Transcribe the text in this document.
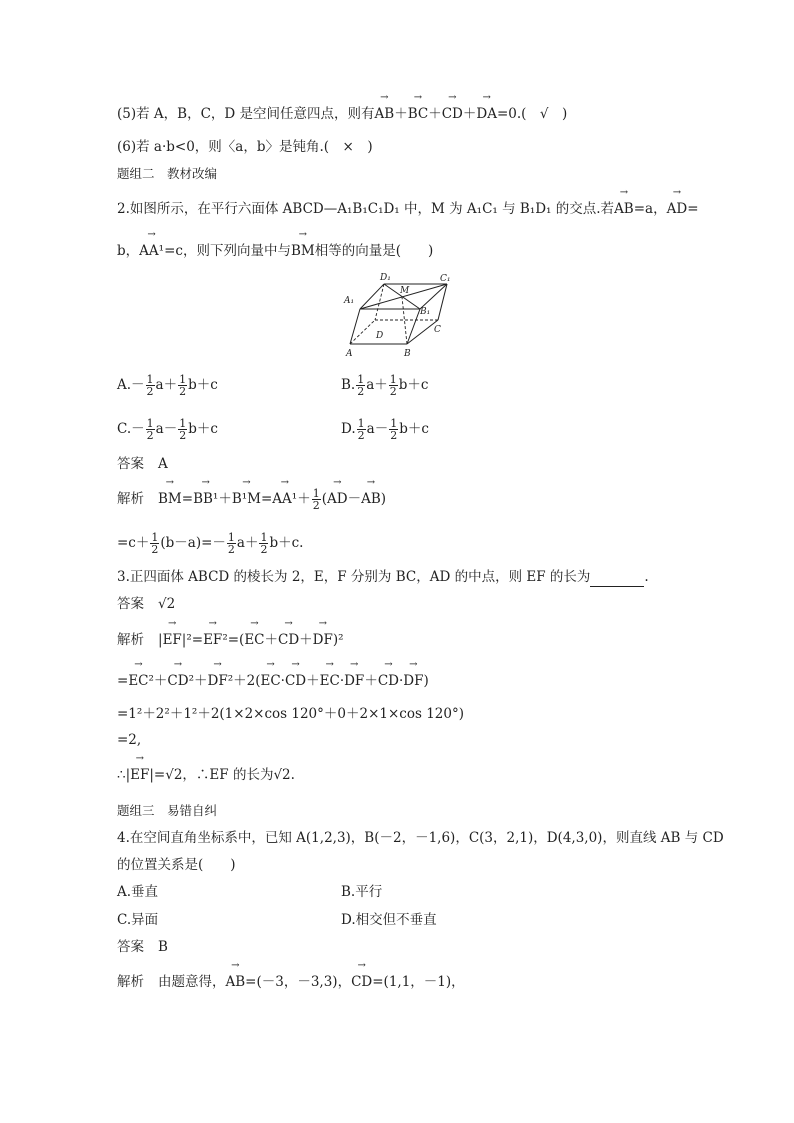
(5)若 A，B，C，D 是空间任意四点，则有→ AB＋→ BC＋→ CD＋→ DA=0.(　√　)
(6)若 a·b<0，则〈a，b〉是钝角.(　×　)
题组二　教材改编
2.如图所示，在平行六面体 ABCD—A₁B₁C₁D₁ 中，M 为 A₁C₁ 与 B₁D₁ 的交点.若→ AB=a，→ AD=
b，→ AA¹=c，则下列向量中与→ BM相等的向量是(　　)
A₁
D₁	C₁
M
B₁
C
D
A	B
$A.- \frac{1}{2} a+ \frac{1}{2} b+c$	B. $\frac{1}{2} a+ \frac{1}{2} b+c$
$C.- \frac{1}{2} a- \frac{1}{2} b+c$	D. $\frac{1}{2} a- \frac{1}{2} b+c$
答案 A
解析→ $BM=\to BB^1+\to B^1M=\to AA^1+ \frac{1}{2}$ (→ AD－→ AB)
$=c+ \frac{1}{2} (b-a)=- \frac{1}{2} a+ \frac{1}{2} b+c$.
3.正四面体 ABCD 的棱长为 2，E，F 分别为 BC，AD 的中点，则 EF 的长为	.
答案 √2
解析 |→ EF|²=→ EF²=(→ EC＋→ CD＋→ DF)²
=→ EC²＋→ CD²＋→ DF²＋2(→ EC·→ CD＋→ EC·→ DF＋→ CD·→ DF)
=1²＋2²＋1²＋2(1×2×cos 120°＋0＋2×1×cos 120°)
=2,
∴|→ EF|=√2，∴EF 的长为√2.
题组三　易错自纠
4.在空间直角坐标系中，已知 A(1,2,3)，B(－2，－1,6)，C(3，2,1)，D(4,3,0)，则直线 AB 与 CD
的位置关系是(　　)
A.垂直	B.平行
C.异面	D.相交但不垂直
答案 B
解析 由题意得，→ AB=(－3，－3,3)，→ CD=(1,1，－1)，
